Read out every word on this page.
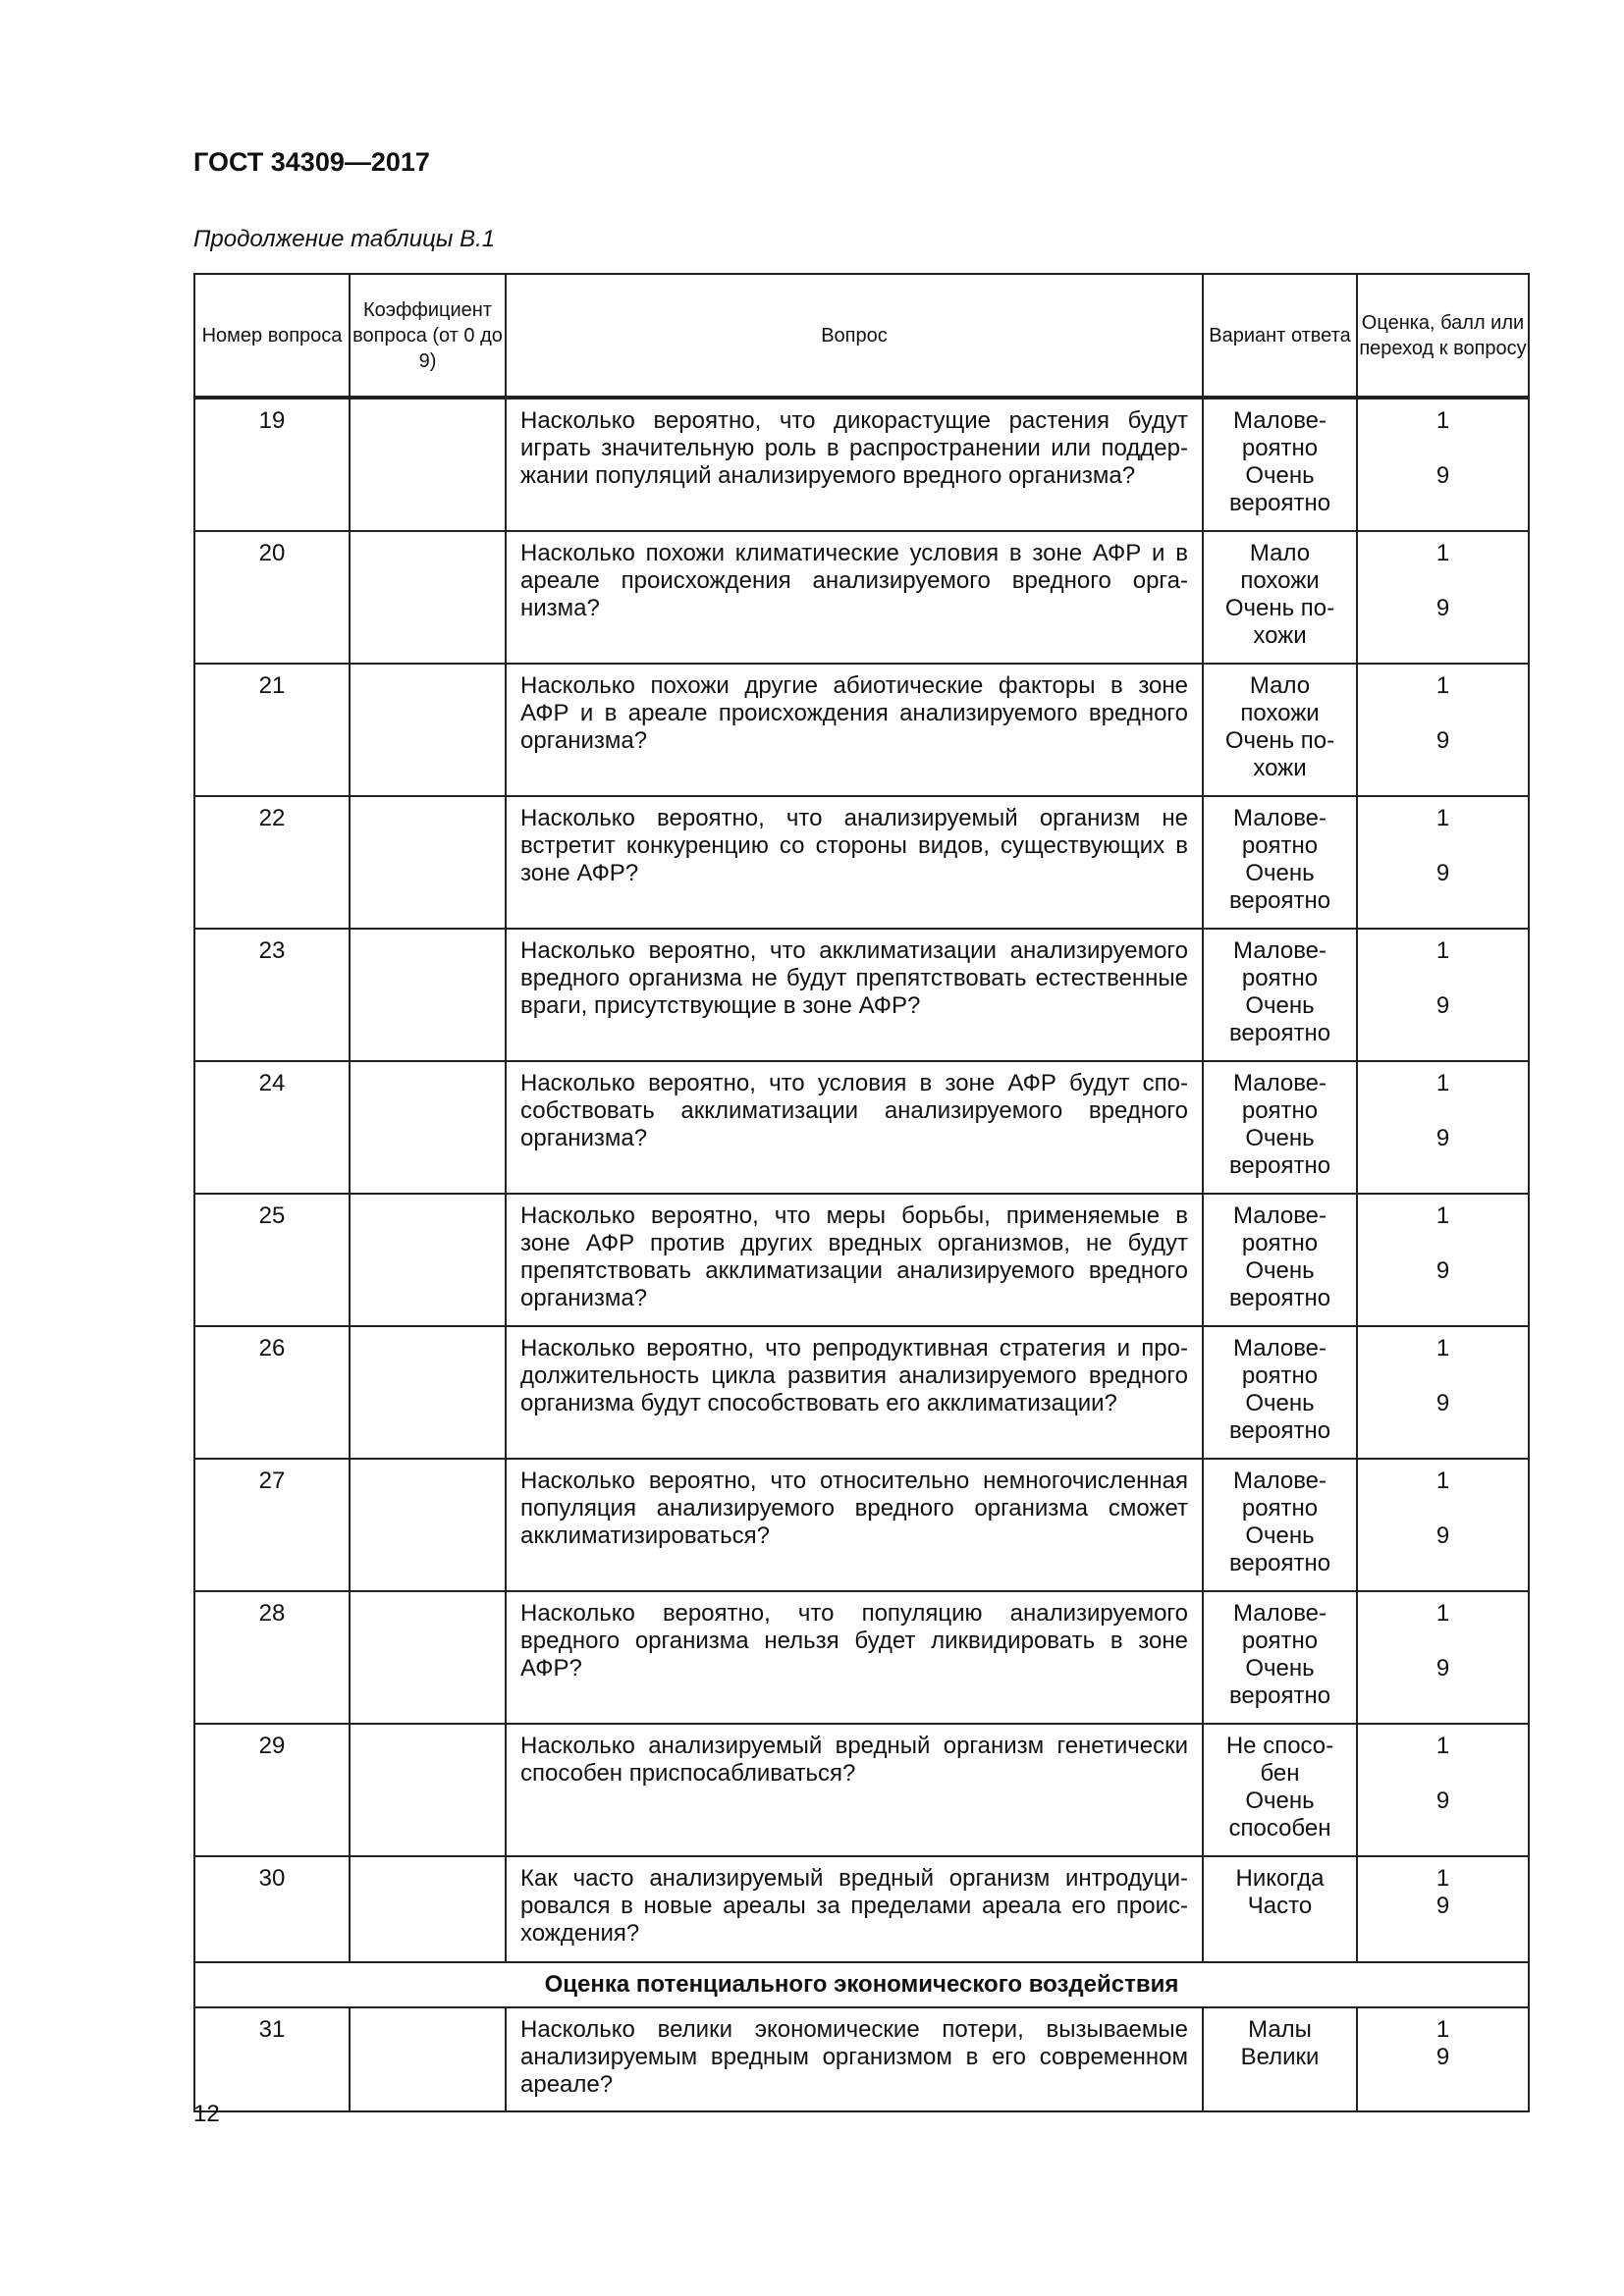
ГОСТ 34309—2017
Продолжение таблицы В.1
Номер вопроса	Коэффициент вопроса (от 0 до 9)	Вопрос	Вариант ответа	Оценка, балл или переход к вопросу
19		Насколько вероятно, что дикорастущие растения будут играть значительную роль в распространении или поддержании популяций анализируемого вредного организма?	Малове-
роятно
Очень
вероятно	1
9

20		Насколько похожи климатические условия в зоне АФР и в ареале происхождения анализируемого вредного организма?	Мало
похожи
Очень по-
хожи	1
9

21		Насколько похожи другие абиотические факторы в зоне АФР и в ареале происхождения анализируемого вредного организма?	Мало
похожи
Очень по-
хожи	1
9

22		Насколько вероятно, что анализируемый организм не встретит конкуренцию со стороны видов, существующих в зоне АФР?	Малове-
роятно
Очень
вероятно	1
9

23		Насколько вероятно, что акклиматизации анализируемого вредного организма не будут препятствовать естественные враги, присутствующие в зоне АФР?	Малове-
роятно
Очень
вероятно	1
9

24		Насколько вероятно, что условия в зоне АФР будут способствовать акклиматизации анализируемого вредного организма?	Малове-
роятно
Очень
вероятно	1
9

25		Насколько вероятно, что меры борьбы, применяемые в зоне АФР против других вредных организмов, не будут препятствовать акклиматизации анализируемого вредного организма?	Малове-
роятно
Очень
вероятно	1
9

26		Насколько вероятно, что репродуктивная стратегия и продолжительность цикла развития анализируемого вредного организма будут способствовать его акклиматизации?	Малове-
роятно
Очень
вероятно	1
9

27		Насколько вероятно, что относительно немногочисленная популяция анализируемого вредного организма сможет акклиматизироваться?	Малове-
роятно
Очень
вероятно	1
9

28		Насколько вероятно, что популяцию анализируемого вредного организма нельзя будет ликвидировать в зоне АФР?	Малове-
роятно
Очень
вероятно	1
9

29		Насколько анализируемый вредный организм генетически способен приспосабливаться?	Не спосо-
бен
Очень
способен	1
9

30		Как часто анализируемый вредный организм интродуцировался в новые ареалы за пределами ареала его происхождения?	Никогда
Часто	1
9

Оценка потенциального экономического воздействия				
31		Насколько велики экономические потери, вызываемые анализируемым вредным организмом в его современном ареале?	Малы
Велики	1
9
12
